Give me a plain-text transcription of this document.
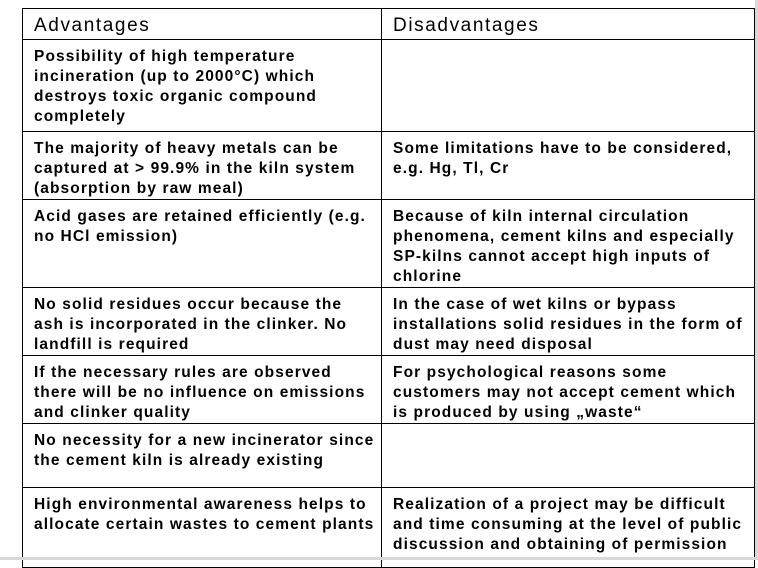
Advantages	Disadvantages

Possibility of high temperature incineration (up to 2000°C) which destroys toxic organic compound completely	

The majority of heavy metals can be captured at > 99.9% in the kiln system (absorption by raw meal)	Some limitations have to be considered, e.g. Hg, Tl, Cr

Acid gases are retained efficiently (e.g. no HCl emission)	Because of kiln internal circulation phenomena, cement kilns and especially SP-kilns cannot accept high inputs of chlorine

No solid residues occur because the ash is incorporated in the clinker. No landfill is required	In the case of wet kilns or bypass installations solid residues in the form of dust may need disposal

If the necessary rules are observed there will be no influence on emissions and clinker quality	For psychological reasons some customers may not accept cement which is produced by using „waste“

No necessity for a new incinerator since the cement kiln is already existing	

High environmental awareness helps to allocate certain wastes to cement plants	Realization of a project may be difficult and time consuming at the level of public discussion and obtaining of permission
